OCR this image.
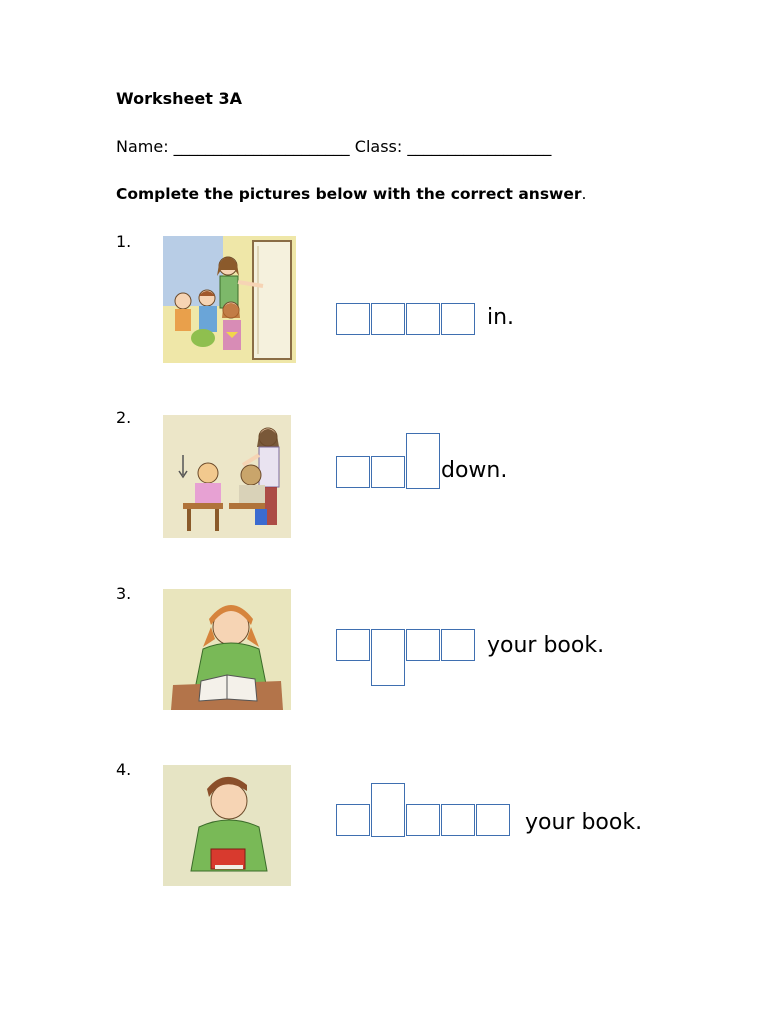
Worksheet 3A
Name: ______________________ Class: __________________
Complete the pictures below with the correct answer.
1.
in.
2.
down.
3.
your book.
4.
your book.
